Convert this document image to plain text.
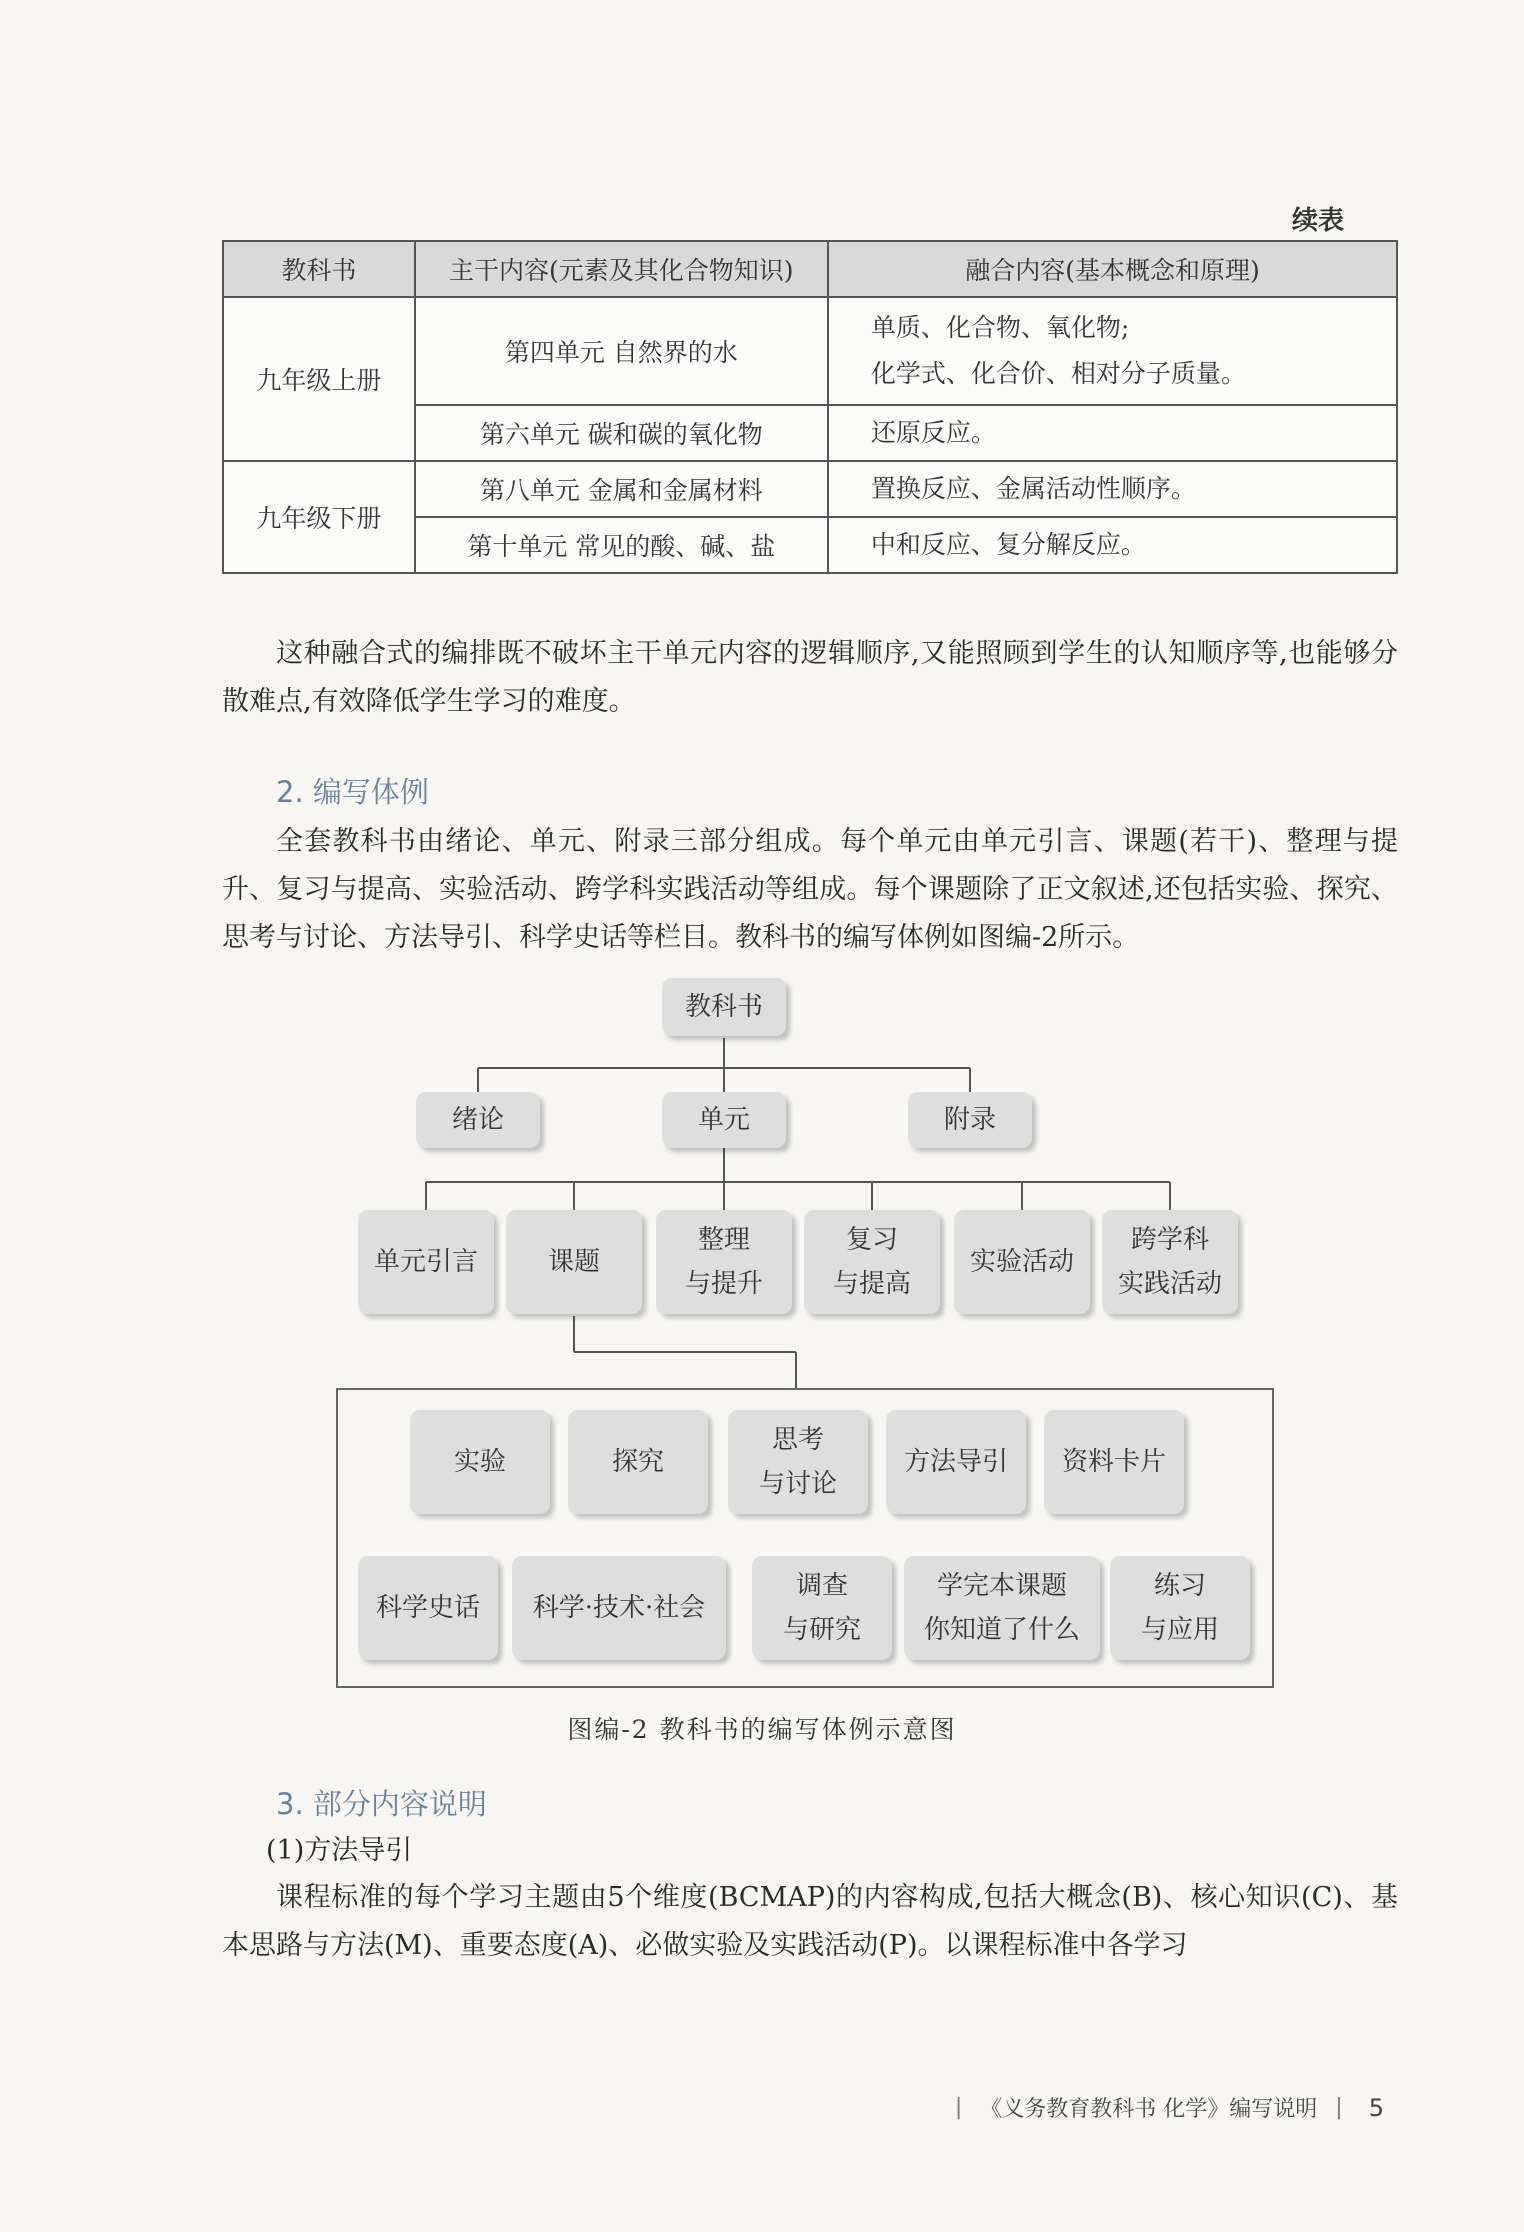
续表
教科书	主干内容(元素及其化合物知识)	融合内容(基本概念和原理)
九年级上册	第四单元 自然界的水	单质、化合物、氧化物;
化学式、化合价、相对分子质量。

	第六单元 碳和碳的氧化物	还原反应。
九年级下册	第八单元 金属和金属材料	置换反应、金属活动性顺序。
	第十单元 常见的酸、碱、盐	中和反应、复分解反应。

这种融合式的编排既不破坏主干单元内容的逻辑顺序,又能照顾到学生的认知顺序等,也能够分散难点,有效降低学生学习的难度。

2. 编写体例

全套教科书由绪论、单元、附录三部分组成。每个单元由单元引言、课题(若干)、整理与提升、复习与提高、实验活动、跨学科实践活动等组成。每个课题除了正文叙述,还包括实验、探究、思考与讨论、方法导引、科学史话等栏目。教科书的编写体例如图编-2所示。

教科书
绪论	单元	附录
单元引言	课题
整理
与提升
复习
与提高
实验活动
跨学科
实践活动
实验	探究
思考
与讨论
方法导引	资料卡片
科学史话	科学·技术·社会
调查
与研究
学完本课题
你知道了什么
练习
与应用
图编-2 教科书的编写体例示意图
3. 部分内容说明
(1)方法导引

课程标准的每个学习主题由5个维度(BCMAP)的内容构成,包括大概念(B)、核心知识(C)、基本思路与方法(M)、重要态度(A)、必做实验及实践活动(P)。以课程标准中各学习

| 《义务教育教科书 化学》编写说明 | 5
